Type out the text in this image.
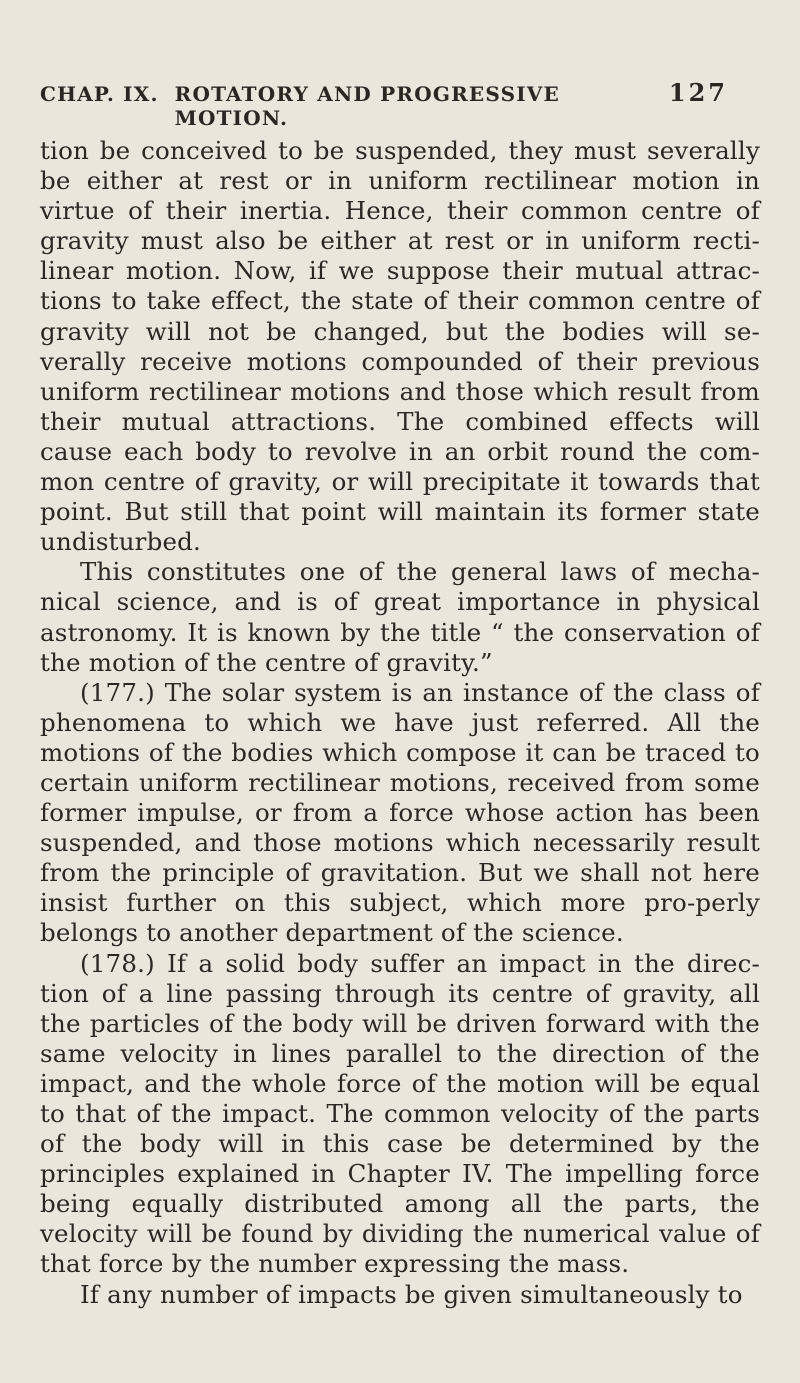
CHAP. IX. ROTATORY AND PROGRESSIVE MOTION.
127

tion be conceived to be suspended, they must severally be either at rest or in uniform rectilinear motion in virtue of their inertia. Hence, their common centre of gravity must also be either at rest or in uniform recti-linear motion. Now, if we suppose their mutual attrac-tions to take effect, the state of their common centre of gravity will not be changed, but the bodies will se-verally receive motions compounded of their previous uniform rectilinear motions and those which result from their mutual attractions. The combined effects will cause each body to revolve in an orbit round the com-mon centre of gravity, or will precipitate it towards that point. But still that point will maintain its former state undisturbed.

This constitutes one of the general laws of mecha-nical science, and is of great importance in physical astronomy. It is known by the title “ the conservation of the motion of the centre of gravity.”

(177.) The solar system is an instance of the class of phenomena to which we have just referred. All the motions of the bodies which compose it can be traced to certain uniform rectilinear motions, received from some former impulse, or from a force whose action has been suspended, and those motions which necessarily result from the principle of gravitation. But we shall not here insist further on this subject, which more pro-perly belongs to another department of the science.

(178.) If a solid body suffer an impact in the direc-tion of a line passing through its centre of gravity, all the particles of the body will be driven forward with the same velocity in lines parallel to the direction of the impact, and the whole force of the motion will be equal to that of the impact. The common velocity of the parts of the body will in this case be determined by the principles explained in Chapter IV. The impelling force being equally distributed among all the parts, the velocity will be found by dividing the numerical value of that force by the number expressing the mass.

If any number of impacts be given simultaneously to
